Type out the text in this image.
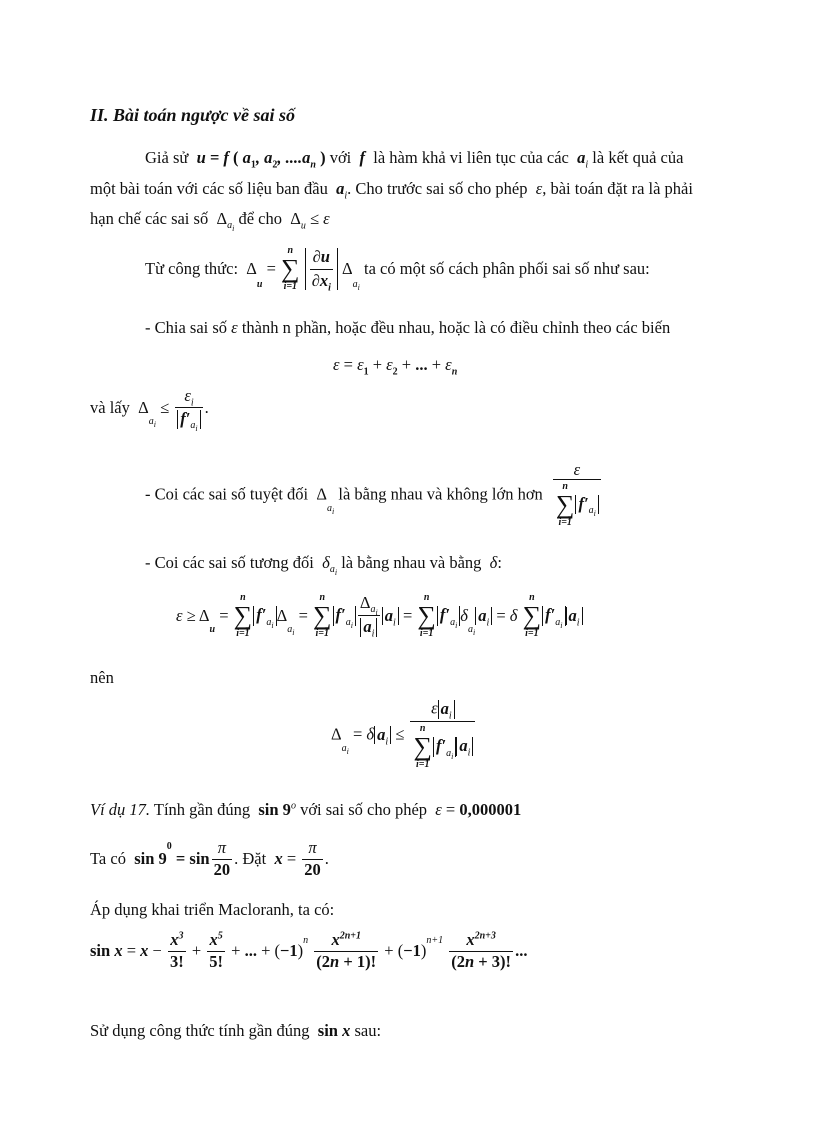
II. Bài toán ngược về sai số
Giả sử  u = f ( $a_1$, $a_2$, $....a_n$ ) với  f  là hàm khả vi liên tục của các  $a_i$ là kết quả của
một bài toán với các số liệu ban đầu  $a_i$. Cho trước sai số cho phép  ε, bài toán đặt ra là phải
hạn chế các sai số  $\Delta_{a_i}$ để cho  $\Delta_u \le \varepsilon$
Từ công thức:  $\Delta_u$ =
n
∑
i=1
$\frac{\partial u}{\partial x_i} \Delta_{a_i}$ ta có một số cách phân phối sai số như sau:
- Chia sai số ε thành n phần, hoặc đều nhau, hoặc là có điều chỉnh theo các biến
$\varepsilon = \varepsilon_1 + \varepsilon_2$ + ... + $\varepsilon_n$
và lấy  $\Delta_{a_i} \le \frac{\varepsilon_i}{f'_{a_i}}$ .
- Coi các sai số tuyệt đối  $\Delta_{a_i}$ là bằng nhau và không lớn hơn ε
n
∑
i=1
$f'_{a_i}$
- Coi các sai số tương đối  $\delta_{a_i}$ là bằng nhau và bằng  δ:
$\varepsilon \ge \Delta_u$ =
n
∑
i=1
$f'_{a_i}\Delta_{a_i}$ =
n
∑
i=1
$f'_{a_i} \frac{\Delta_{a_i}}{a_i} a_i$ =
n
∑
i=1
$f'_{a_i}\delta_{a_i}a_i = \delta$
n
∑
i=1
$f'_{a_i}a_i$
nên
$\Delta_{a_i} = \delta$ $a_i \le \varepsilon$ $a_i$
n
∑
i=1
$f'_{a_i}a_i$
Ví dụ 17. Tính gần đúng  sin 9$^o$ với sai số cho phép  ε = 0,000001
Ta có  $\sin 9^0 = \sin \frac{\pi}{20}$ . Đặt  $x = \frac{\pi}{20}$ .
Áp dụng khai triển Macloranh, ta có:
$\sin x = x - \frac{x^3}{3!} + \frac{x^5}{5!}$ + ... + $(-1)^n \frac{x^{2n+1}}{(2n + 1)!} + (-1)^{n+1} \frac{x^{2n+3}}{(2n + 3)!}$ ...
Sử dụng công thức tính gần đúng  sin x sau:
